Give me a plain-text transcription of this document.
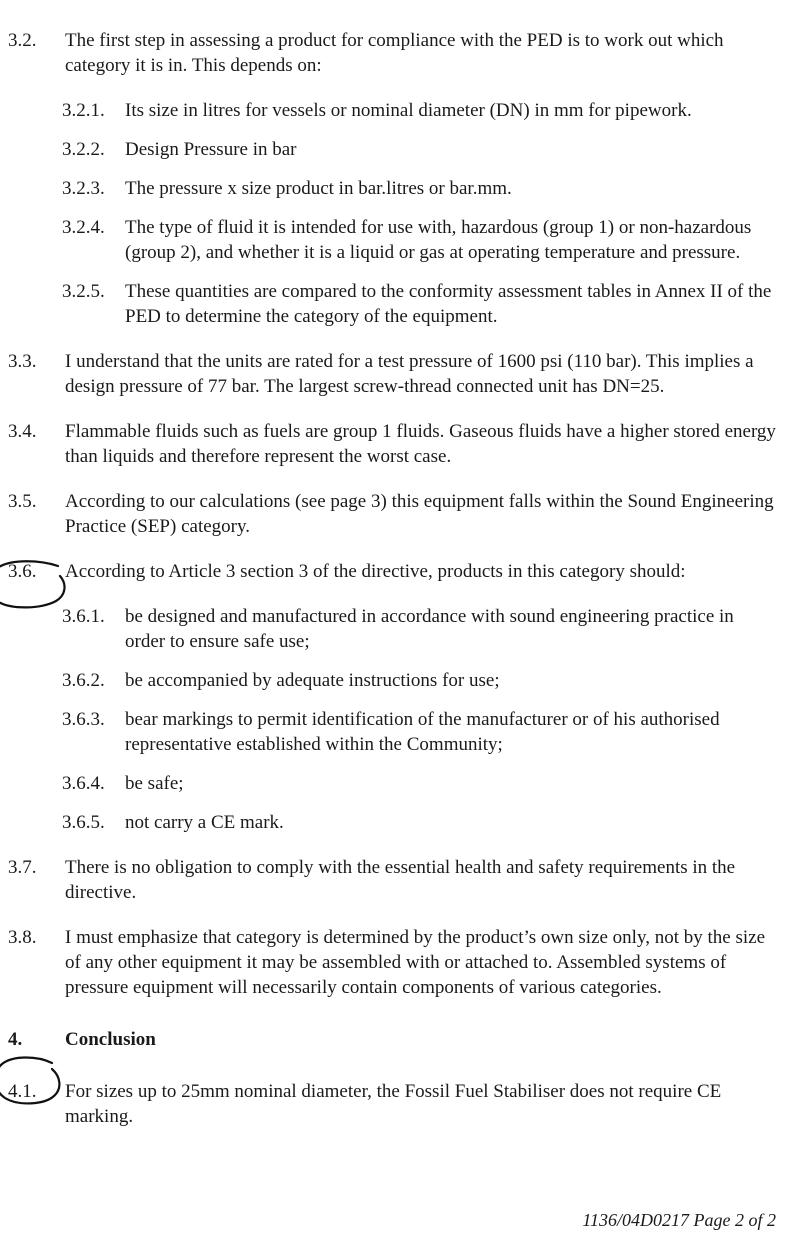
3.2.	The first step in assessing a product for compliance with the PED is to work out which category it is in. This depends on:
3.2.1.	Its size in litres for vessels or nominal diameter (DN) in mm for pipework.
3.2.2.	Design Pressure in bar
3.2.3.	The pressure x size product in bar.litres or bar.mm.
3.2.4.	The type of fluid it is intended for use with, hazardous (group 1) or non-hazardous (group 2), and whether it is a liquid or gas at operating temperature and pressure.
3.2.5.	These quantities are compared to the conformity assessment tables in Annex II of the PED to determine the category of the equipment.
3.3.	I understand that the units are rated for a test pressure of 1600 psi (110 bar). This implies a design pressure of 77 bar. The largest screw-thread connected unit has DN=25.
3.4.	Flammable fluids such as fuels are group 1 fluids. Gaseous fluids have a higher stored energy than liquids and therefore represent the worst case.
3.5.	According to our calculations (see page 3) this equipment falls within the Sound Engineering Practice (SEP) category.
3.6.	According to Article 3 section 3 of the directive, products in this category should:
3.6.1.	be designed and manufactured in accordance with sound engineering practice in order to ensure safe use;
3.6.2.	be accompanied by adequate instructions for use;
3.6.3.	bear markings to permit identification of the manufacturer or of his authorised representative established within the Community;
3.6.4.	be safe;
3.6.5.	not carry a CE mark.
3.7.	There is no obligation to comply with the essential health and safety requirements in the directive.
3.8.	I must emphasize that category is determined by the product’s own size only, not by the size of any other equipment it may be assembled with or attached to. Assembled systems of pressure equipment will necessarily contain components of various categories.
4.	Conclusion
4.1.	For sizes up to 25mm nominal diameter, the Fossil Fuel Stabiliser does not require CE marking.
1136/04D0217 Page 2 of 2
